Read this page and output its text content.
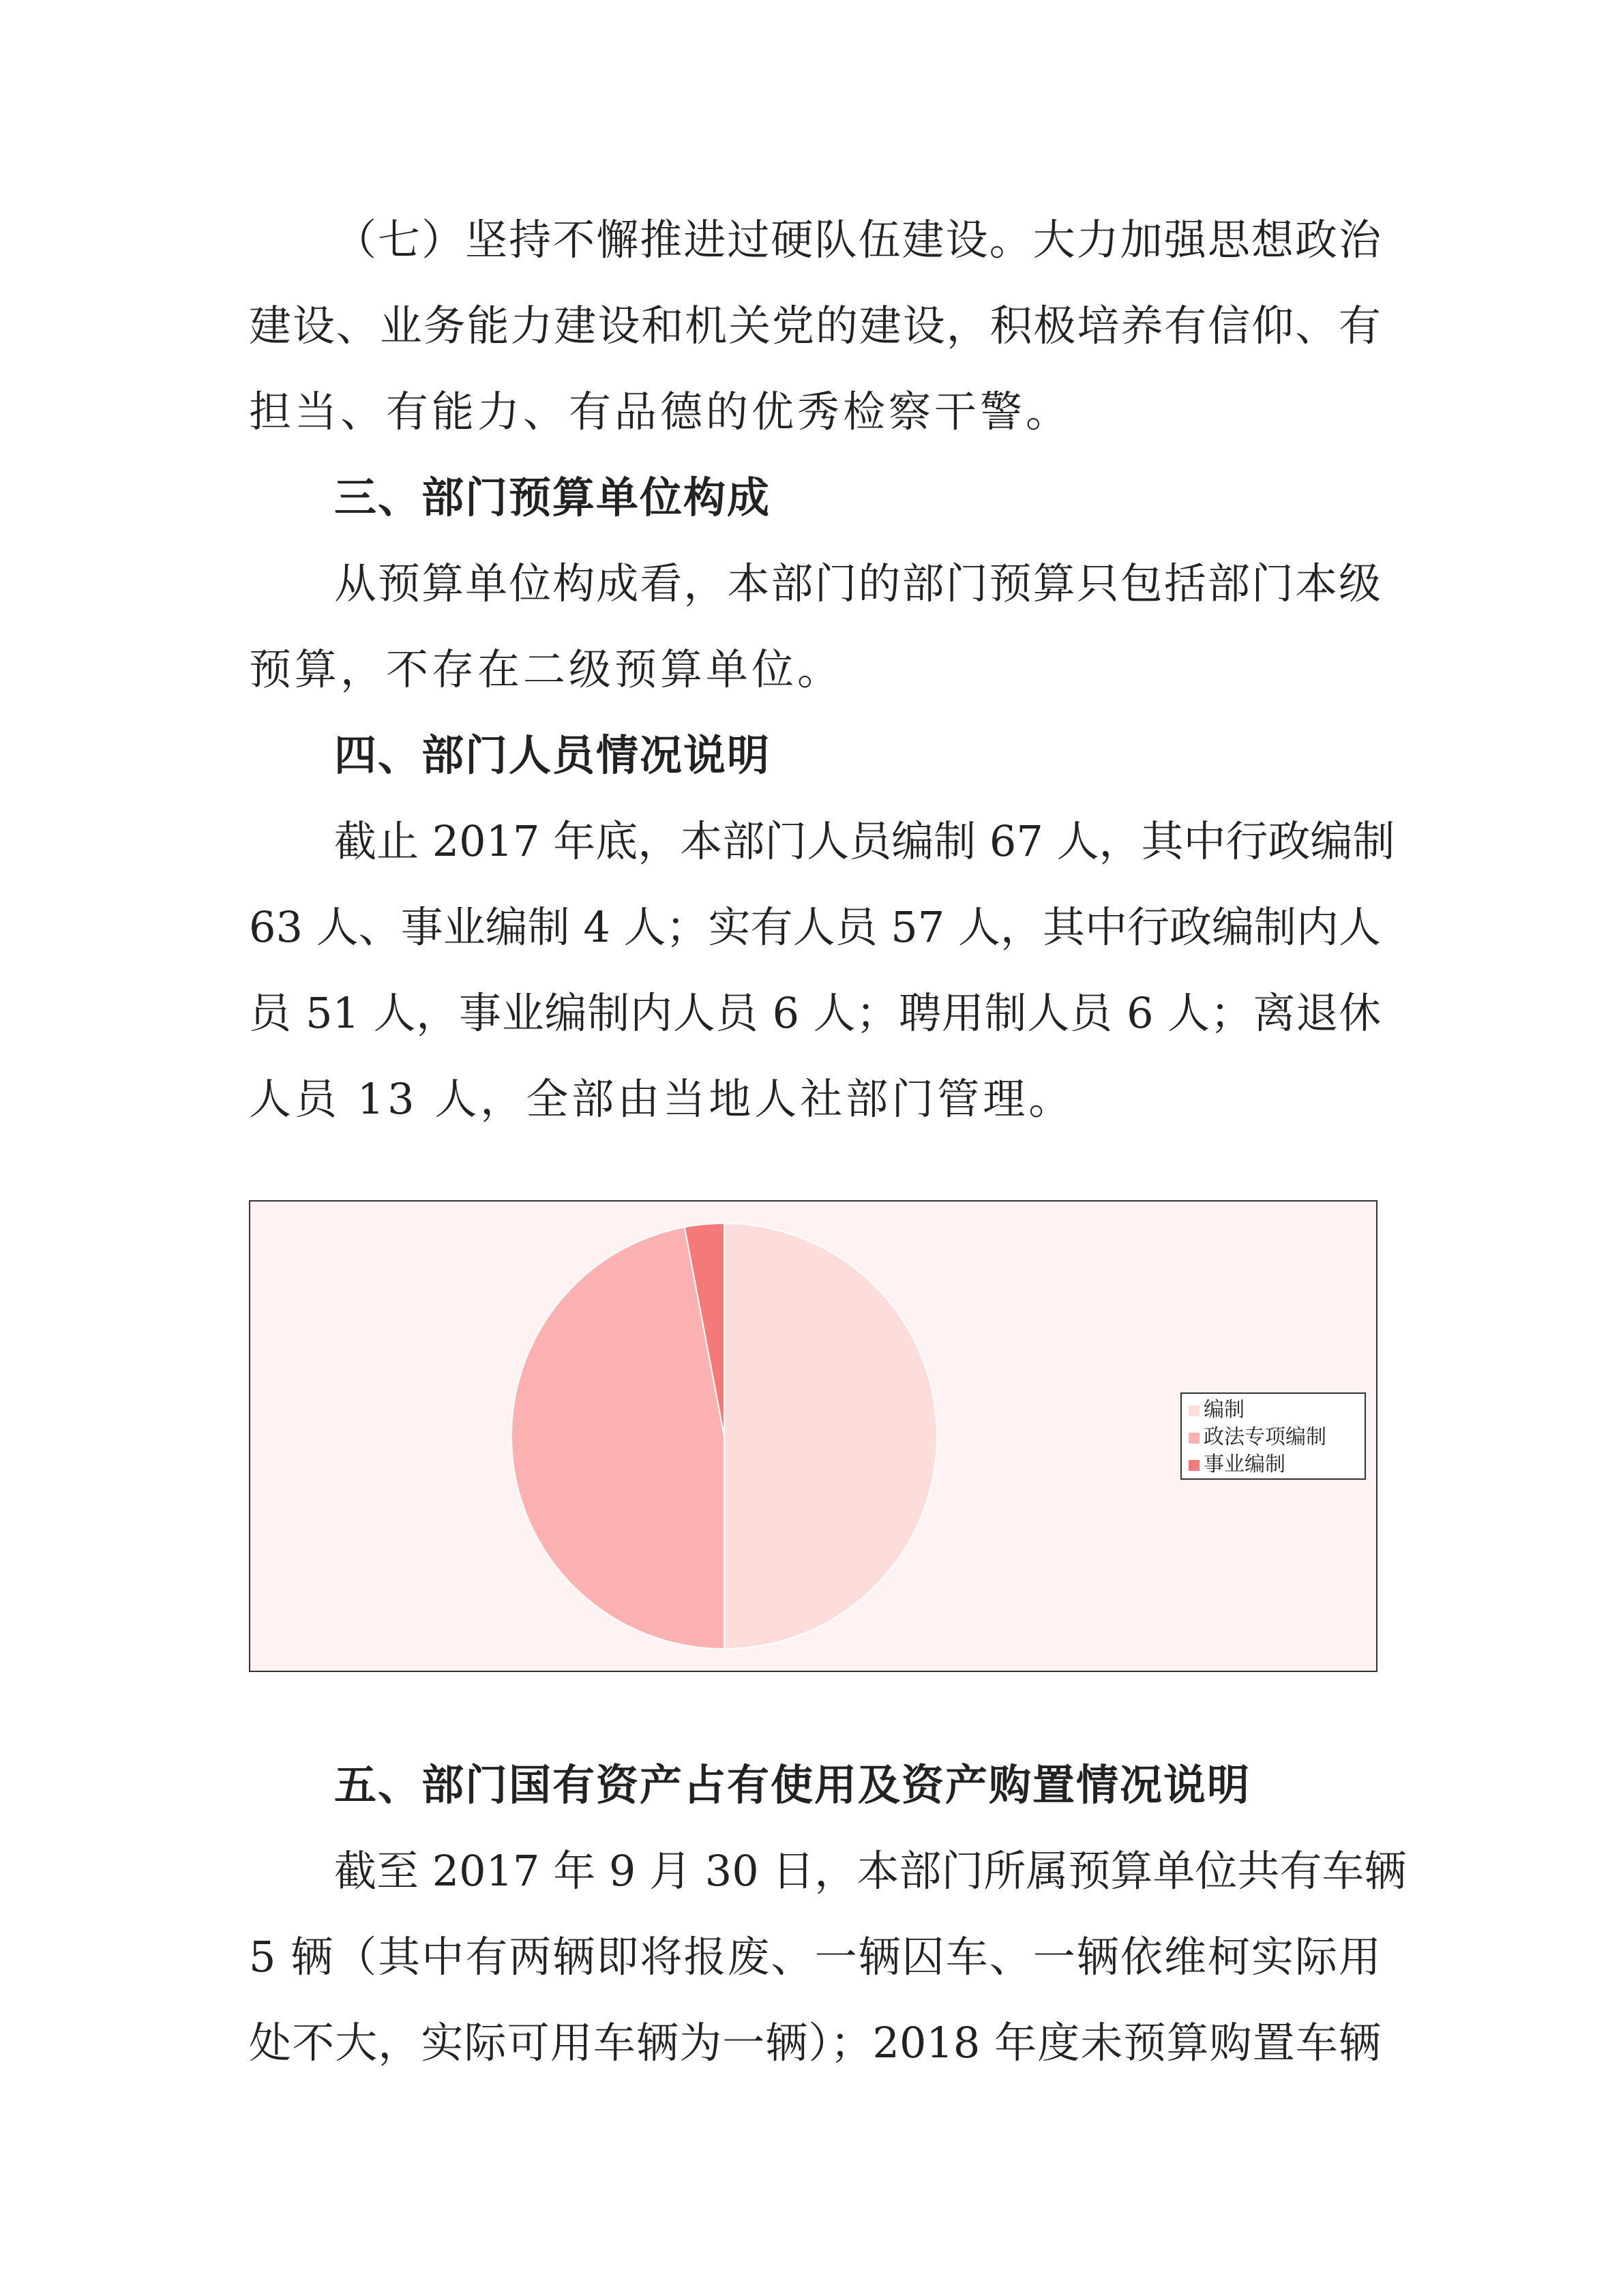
（七）坚持不懈推进过硬队伍建设。大力加强思想政治
建设、业务能力建设和机关党的建设，积极培养有信仰、有
担当、有能力、有品德的优秀检察干警。
三、部门预算单位构成
从预算单位构成看，本部门的部门预算只包括部门本级
预算，不存在二级预算单位。
四、部门人员情况说明
截止 2017 年底，本部门人员编制 67 人，其中行政编制
63 人、事业编制 4 人；实有人员 57 人，其中行政编制内人
员 51 人，事业编制内人员 6 人；聘用制人员 6 人；离退休
人员 13 人，全部由当地人社部门管理。
编制
政法专项编制
事业编制
五、部门国有资产占有使用及资产购置情况说明
截至 2017 年 9 月 30 日，本部门所属预算单位共有车辆
5 辆（其中有两辆即将报废、一辆囚车、一辆依维柯实际用
处不大，实际可用车辆为一辆）；2018 年度未预算购置车辆
